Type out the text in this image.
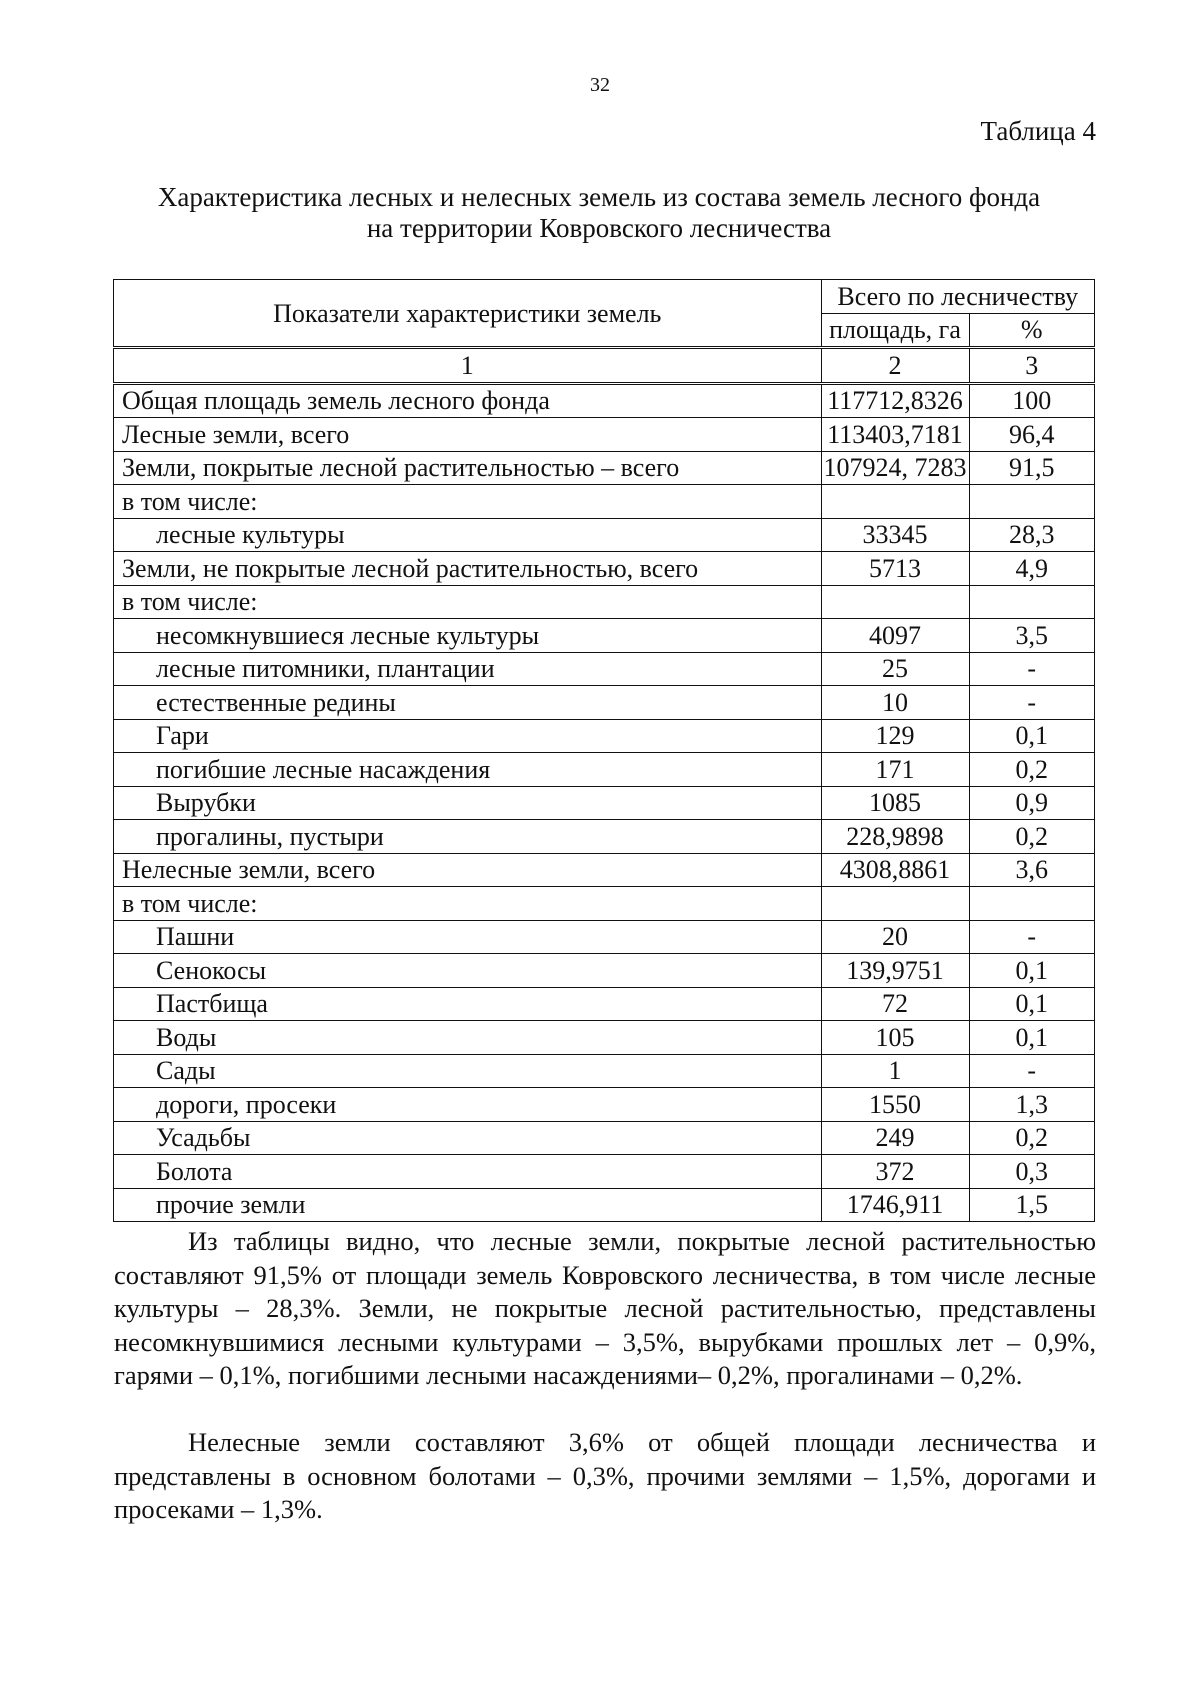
32
Таблица 4
Характеристика лесных и нелесных земель из состава земель лесного фонда
на территории Ковровского лесничества
Показатели характеристики земель	Всего по лесничеству	
	площадь, га	%
1	2	3
Общая площадь земель лесного фонда	117712,8326	100
Лесные земли, всего	113403,7181	96,4
Земли, покрытые лесной растительностью – всего	107924, 7283	91,5
в том числе:		
лесные культуры	33345	28,3
Земли, не покрытые лесной растительностью, всего	5713	4,9
в том числе:		
несомкнувшиеся лесные культуры	4097	3,5
лесные питомники, плантации	25	-
естественные редины	10	-
Гари	129	0,1
погибшие лесные насаждения	171	0,2
Вырубки	1085	0,9
прогалины, пустыри	228,9898	0,2
Нелесные земли, всего	4308,8861	3,6
в том числе:		
Пашни	20	-
Сенокосы	139,9751	0,1
Пастбища	72	0,1
Воды	105	0,1
Сады	1	-
дороги, просеки	1550	1,3
Усадьбы	249	0,2
Болота	372	0,3
прочие земли	1746,911	1,5

Из таблицы видно, что лесные земли, покрытые лесной растительностью составляют 91,5% от площади земель Ковровского лесничества, в том числе лесные культуры – 28,3%. Земли, не покрытые лесной растительностью, представлены несомкнувшимися лесными культурами – 3,5%, вырубками прошлых лет – 0,9%, гарями – 0,1%, погибшими лесными насаждениями– 0,2%, прогалинами – 0,2%.

Нелесные земли составляют 3,6% от общей площади лесничества и представлены в основном болотами – 0,3%, прочими землями – 1,5%, дорогами и просеками – 1,3%.
